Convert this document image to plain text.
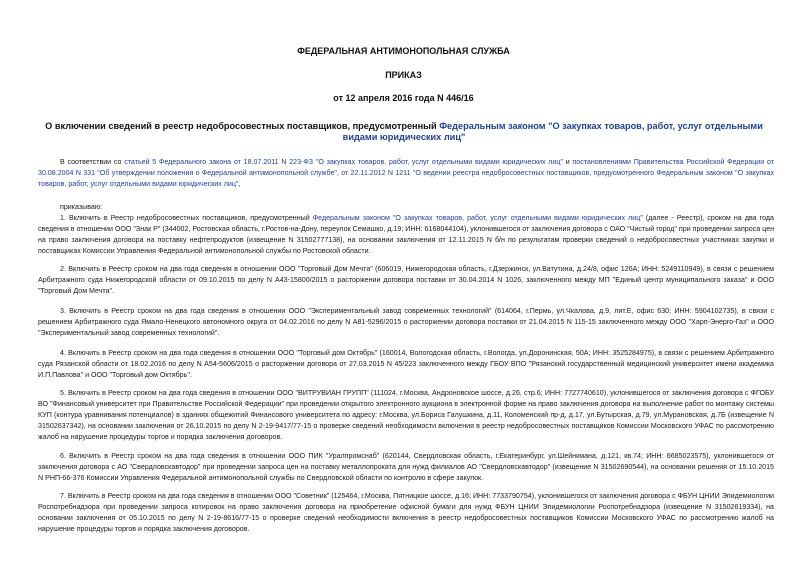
ФЕДЕРАЛЬНАЯ АНТИМОНОПОЛЬНАЯ СЛУЖБА
ПРИКАЗ
от 12 апреля 2016 года N 446/16
О включении сведений в реестр недобросовестных поставщиков, предусмотренный Федеральным законом "О закупках товаров, работ, услуг отдельными видами юридических лиц"
В соответствии со статьей 5 Федерального закона от 18.07.2011 N 223-ФЗ "О закупках товаров, работ, услуг отдельными видами юридических лиц" и постановлениями Правительства Российской Федерации от 30.08.2004 N 331 "Об утверждении положения о Федеральной антимонопольной службе", от 22.11.2012 N 1211 "О ведении реестра недобросовестных поставщиков, предусмотренного Федеральным законом "О закупках товаров, работ, услуг отдельными видами юридических лиц",
приказываю:
1. Включить в Реестр недобросовестных поставщиков, предусмотренный Федеральным законом "О закупках товаров, работ, услуг отдельными видами юридических лиц" (далее - Реестр), сроком на два года сведения в отношении ООО "Знак Р" (344002, Ростовская область, г.Ростов-на-Дону, переулок Семашко, д.19; ИНН: 6168044104), уклонившегося от заключения договора с ОАО "Чистый город" при проведении запроса цен на право заключения договора на поставку нефтепродуктов (извещение N 31502777138), на основании заключения от 12.11.2015 N б/н по результатам проверки сведений о недобросовестных участниках закупки и поставщиках Комиссии Управления Федеральной антимонопольной службы по Ростовской области.
2. Включить в Реестр сроком на два года сведения в отношении ООО "Торговый Дом Мечта" (606019, Нижегородская область, г.Дзержинск, ул.Ватутина, д.24/8, офис 126А; ИНН: 5249110949), в связи с решением Арбитражного суда Нижегородской области от 09.10.2015 по делу N А43-15800/2015 о расторжении договора поставки от 30.04.2014 N 1026, заключенного между МП "Единый центр муниципального заказа" и ООО "Торговый Дом Мечта".
3. Включить в Реестр сроком на два года сведения в отношении ООО "Экспериментальный завод современных технологий" (614064, г.Пермь, ул.Чкалова, д.9, лит.Е, офис 630; ИНН: 5904102735), в связи с решением Арбитражного суда Ямало-Ненецкого автономного округа от 04.02.2016 по делу N А81-5296/2015 о расторжении договора поставки от 21.04.2015 N 115-15 заключенного между ООО "Харп-Энерго-Газ" и ООО "Экспериментальный завод современных технологий".
4. Включить в Реестр сроком на два года сведения в отношении ООО "Торговый дом Октябрь" (160014, Вологодская область, г.Вологда, ул.Доронинская, 50А; ИНН: 3525284975), в связи с решением Арбитражного суда Рязанской области от 18.02.2016 по делу N А54-5606/2015 о расторжении договора от 27.03.2015 N 45/223 заключенного между ГБОУ ВПО "Рязанский государственный медицинский университет имени академика И.П.Павлова" и ООО "Торговый дом Октябрь".
5. Включить в Реестр сроком на два года сведения в отношении ООО "ВИТРУВИАН ГРУПП" (111024, г.Москва, Андроновское шоссе, д.26, стр.6; ИНН: 7727740610), уклонившегося от заключения договора с ФГОБУ ВО "Финансовый университет при Правительстве Российской Федерации" при проведении открытого электронного аукциона в электронной форме на право заключения договора на выполнение работ по монтажу системы КУП (контура уравнивания потенциалов) в зданиях общежитий Финансового университета по адресу: г.Москва, ул.Бориса Галушкина, д.11, Коломенский пр-д, д.17, ул.Бутырская, д.79, ул.Мурановская, д.7Б (извещение N 31502637342), на основании заключения от 26.10.2015 по делу N 2-19-9417/77-15 о проверке сведений необходимости включения в реестр недобросовестных поставщиков Комиссии Московского УФАС по рассмотрению жалоб на нарушение процедуры торгов и порядка заключения договоров.
6. Включить в Реестр сроком на два года сведения в отношении ООО ПИК "Уралпромснаб" (620144, Свердловская область, г.Екатеринбург, ул.Шейнкмана, д.121, кв.74; ИНН: 6685023575), уклонившегося от заключения договора с АО "Свердловскавтодор" при проведении запроса цен на поставку металлопроката для нужд филиалов АО "Свердловскавтодор" (извещение N 31502690544), на основании решения от 15.10.2015 N РНП-66-376 Комиссии Управления Федеральной антимонопольной службы по Свердловской области по контролю в сфере закупок.
7. Включить в Реестр сроком на два года сведения в отношении ООО "Советник" (125464, г.Москва, Пятницкое шоссе, д.16; ИНН: 7733790754), уклонившегося от заключения договора с ФБУН ЦНИИ Эпидемиологии Роспотребнадзора при проведении запроса котировок на право заключения договора на приобретение офисной бумаги для нужд ФБУН ЦНИИ Эпидемиологии Роспотребнадзора (извещение N 31502619334), на основании заключения от 05.10.2015 по делу N 2-19-8616/77-15 о проверке сведений необходимости включения в реестр недобросовестных поставщиков Комиссии Московского УФАС по рассмотрению жалоб на нарушение процедуры торгов и порядка заключения договоров.
